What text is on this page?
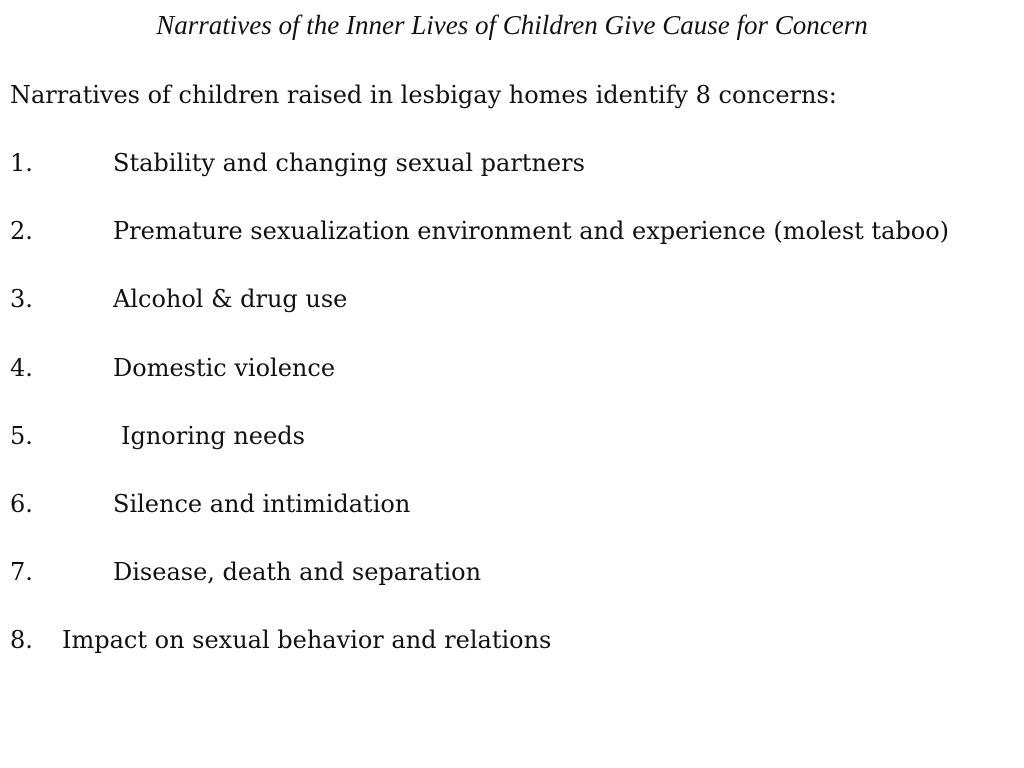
Narratives of the Inner Lives of Children Give Cause for Concern
Narratives of children raised in lesbigay homes identify 8 concerns:
1.	Stability and changing sexual partners
2.	Premature sexualization environment and experience (molest taboo)
3.	Alcohol & drug use
4.	Domestic violence
5.	Ignoring needs
6.	Silence and intimidation
7.	Disease, death and separation
8. Impact on sexual behavior and relations
